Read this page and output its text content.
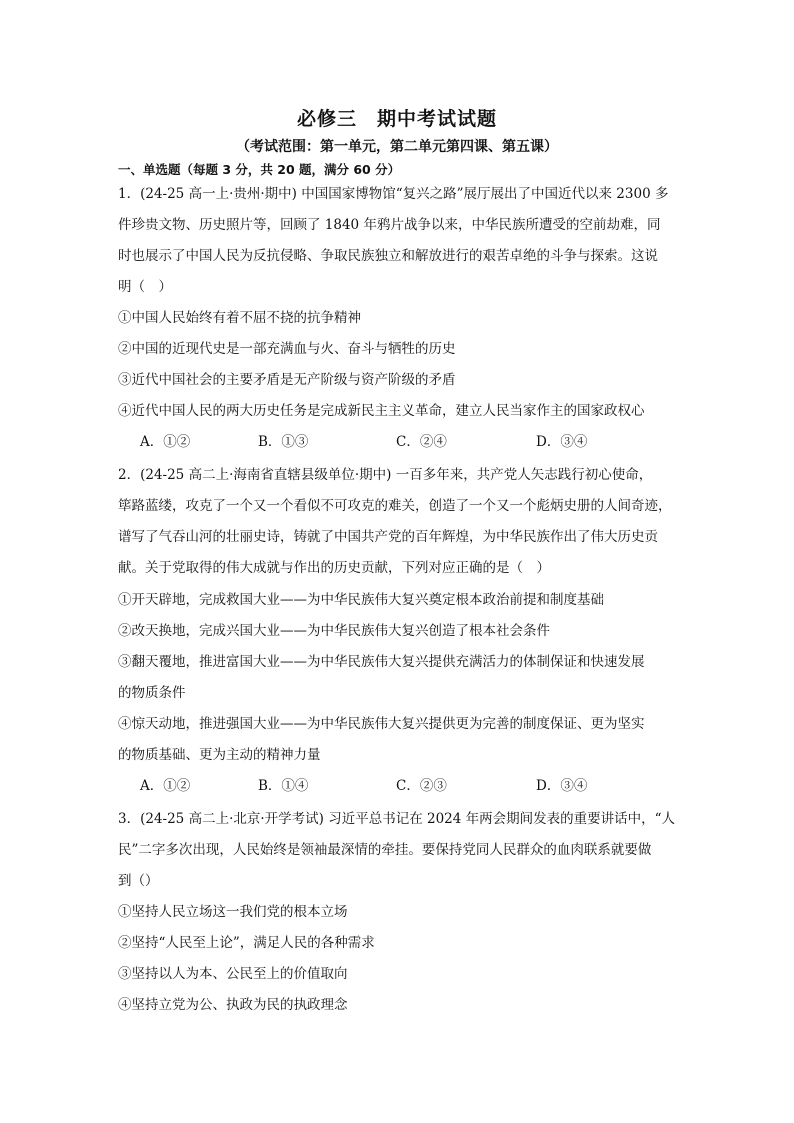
必修三　期中考试试题
（考试范围：第一单元，第二单元第四课、第五课）
一、单选题（每题 3 分，共 20 题，满分 60 分）
1．(24-25 高一上·贵州·期中) 中国国家博物馆“复兴之路”展厅展出了中国近代以来 2300 多
件珍贵文物、历史照片等，回顾了 1840 年鸦片战争以来，中华民族所遭受的空前劫难，同
时也展示了中国人民为反抗侵略、争取民族独立和解放进行的艰苦卓绝的斗争与探索。这说
明（　）
①中国人民始终有着不屈不挠的抗争精神
②中国的近现代史是一部充满血与火、奋斗与牺牲的历史
③近代中国社会的主要矛盾是无产阶级与资产阶级的矛盾
④近代中国人民的两大历史任务是完成新民主主义革命，建立人民当家作主的国家政权心
A．①②	B．①③	C．②④	D．③④
2．(24-25 高二上·海南省直辖县级单位·期中) 一百多年来，共产党人矢志践行初心使命，
筚路蓝缕，攻克了一个又一个看似不可攻克的难关，创造了一个又一个彪炳史册的人间奇迹，
谱写了气吞山河的壮丽史诗，铸就了中国共产党的百年辉煌，为中华民族作出了伟大历史贡
献。关于党取得的伟大成就与作出的历史贡献，下列对应正确的是（　）
①开天辟地，完成救国大业——为中华民族伟大复兴奠定根本政治前提和制度基础
②改天换地，完成兴国大业——为中华民族伟大复兴创造了根本社会条件
③翻天覆地，推进富国大业——为中华民族伟大复兴提供充满活力的体制保证和快速发展
的物质条件
④惊天动地，推进强国大业——为中华民族伟大复兴提供更为完善的制度保证、更为坚实
的物质基础、更为主动的精神力量
A．①②	B．①④	C．②③	D．③④
3．(24-25 高二上·北京·开学考试) 习近平总书记在 2024 年两会期间发表的重要讲话中，“人
民”二字多次出现，人民始终是领袖最深情的牵挂。要保持党同人民群众的血肉联系就要做
到（）
①坚持人民立场这一我们党的根本立场
②坚持“人民至上论”，满足人民的各种需求
③坚持以人为本、公民至上的价值取向
④坚持立党为公、执政为民的执政理念
